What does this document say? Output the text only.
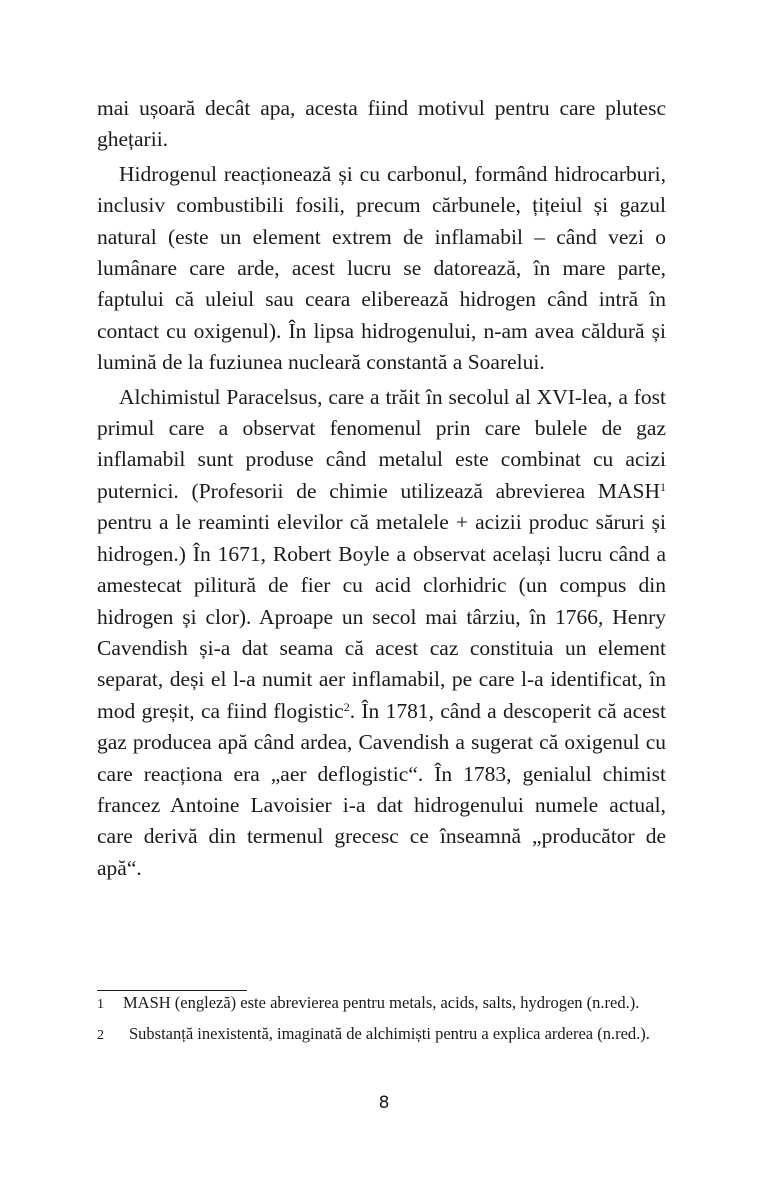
mai ușoară decât apa, acesta fiind motivul pentru care plutesc ghețarii.

Hidrogenul reacționează și cu carbonul, formând hidrocarburi, inclusiv combustibili fosili, precum cărbunele, țițeiul și gazul natural (este un element extrem de inflamabil – când vezi o lumânare care arde, acest lucru se datorează, în mare parte, faptului că uleiul sau ceara eliberează hidrogen când intră în contact cu oxigenul). În lipsa hidrogenului, n-am avea căldură și lumină de la fuziunea nucleară constantă a Soarelui.

Alchimistul Paracelsus, care a trăit în secolul al XVI-lea, a fost primul care a observat fenomenul prin care bulele de gaz inflamabil sunt produse când metalul este combinat cu acizi puternici. (Profesorii de chimie utilizează abrevierea MASH$^1$ pentru a le reaminti elevilor că metalele + acizii produc săruri și hidrogen.) În 1671, Robert Boyle a observat același lucru când a amestecat pilitură de fier cu acid clorhidric (un compus din hidrogen și clor). Aproape un secol mai târziu, în 1766, Henry Cavendish și-a dat seama că acest caz constituia un element separat, deși el l-a numit aer inflamabil, pe care l-a identificat, în mod greșit, ca fiind flogistic$^2$. În 1781, când a descoperit că acest gaz producea apă când ardea, Cavendish a sugerat că oxigenul cu care reacționa era „aer deflogistic“. În 1783, genialul chimist francez Antoine Lavoisier i-a dat hidrogenului numele actual, care derivă din termenul grecesc ce înseamnă „producător de apă“.

1 MASH (engleză) este abrevierea pentru metals, acids, salts, hydrogen (n.red.).

2 Substanță inexistentă, imaginată de alchimiști pentru a explica arderea (n.red.).

8
